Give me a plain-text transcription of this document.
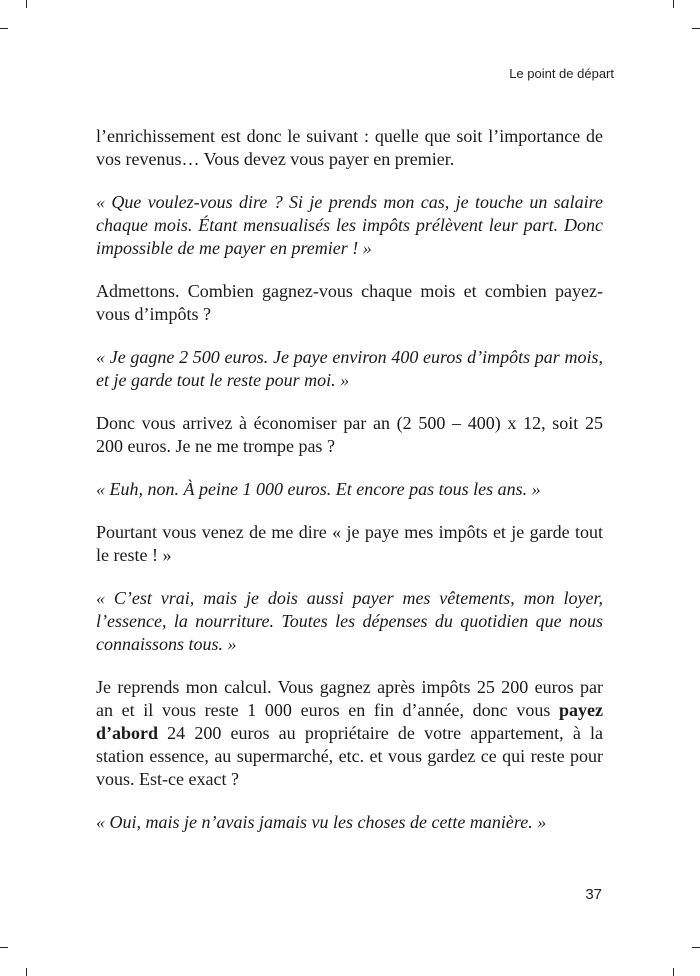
Le point de départ

l’enrichissement est donc le suivant : quelle que soit l’importance de vos revenus… Vous devez vous payer en premier.

« Que voulez-vous dire ? Si je prends mon cas, je touche un salaire chaque mois. Étant mensualisés les impôts prélèvent leur part. Donc impossible de me payer en premier ! »

Admettons. Combien gagnez-vous chaque mois et combien payez-vous d’impôts ?

« Je gagne 2 500 euros. Je paye environ 400 euros d’impôts par mois, et je garde tout le reste pour moi. »

Donc vous arrivez à économiser par an (2 500 – 400) x 12, soit 25 200 euros. Je ne me trompe pas ?

« Euh, non. À peine 1 000 euros. Et encore pas tous les ans. »

Pourtant vous venez de me dire « je paye mes impôts et je garde tout le reste ! »

« C’est vrai, mais je dois aussi payer mes vêtements, mon loyer, l’essence, la nourriture. Toutes les dépenses du quotidien que nous connaissons tous. »

Je reprends mon calcul. Vous gagnez après impôts 25 200 euros par an et il vous reste 1 000 euros en fin d’année, donc vous payez d’abord 24 200 euros au propriétaire de votre appartement, à la station essence, au supermarché, etc. et vous gardez ce qui reste pour vous. Est-ce exact ?

« Oui, mais je n’avais jamais vu les choses de cette manière. »

37
